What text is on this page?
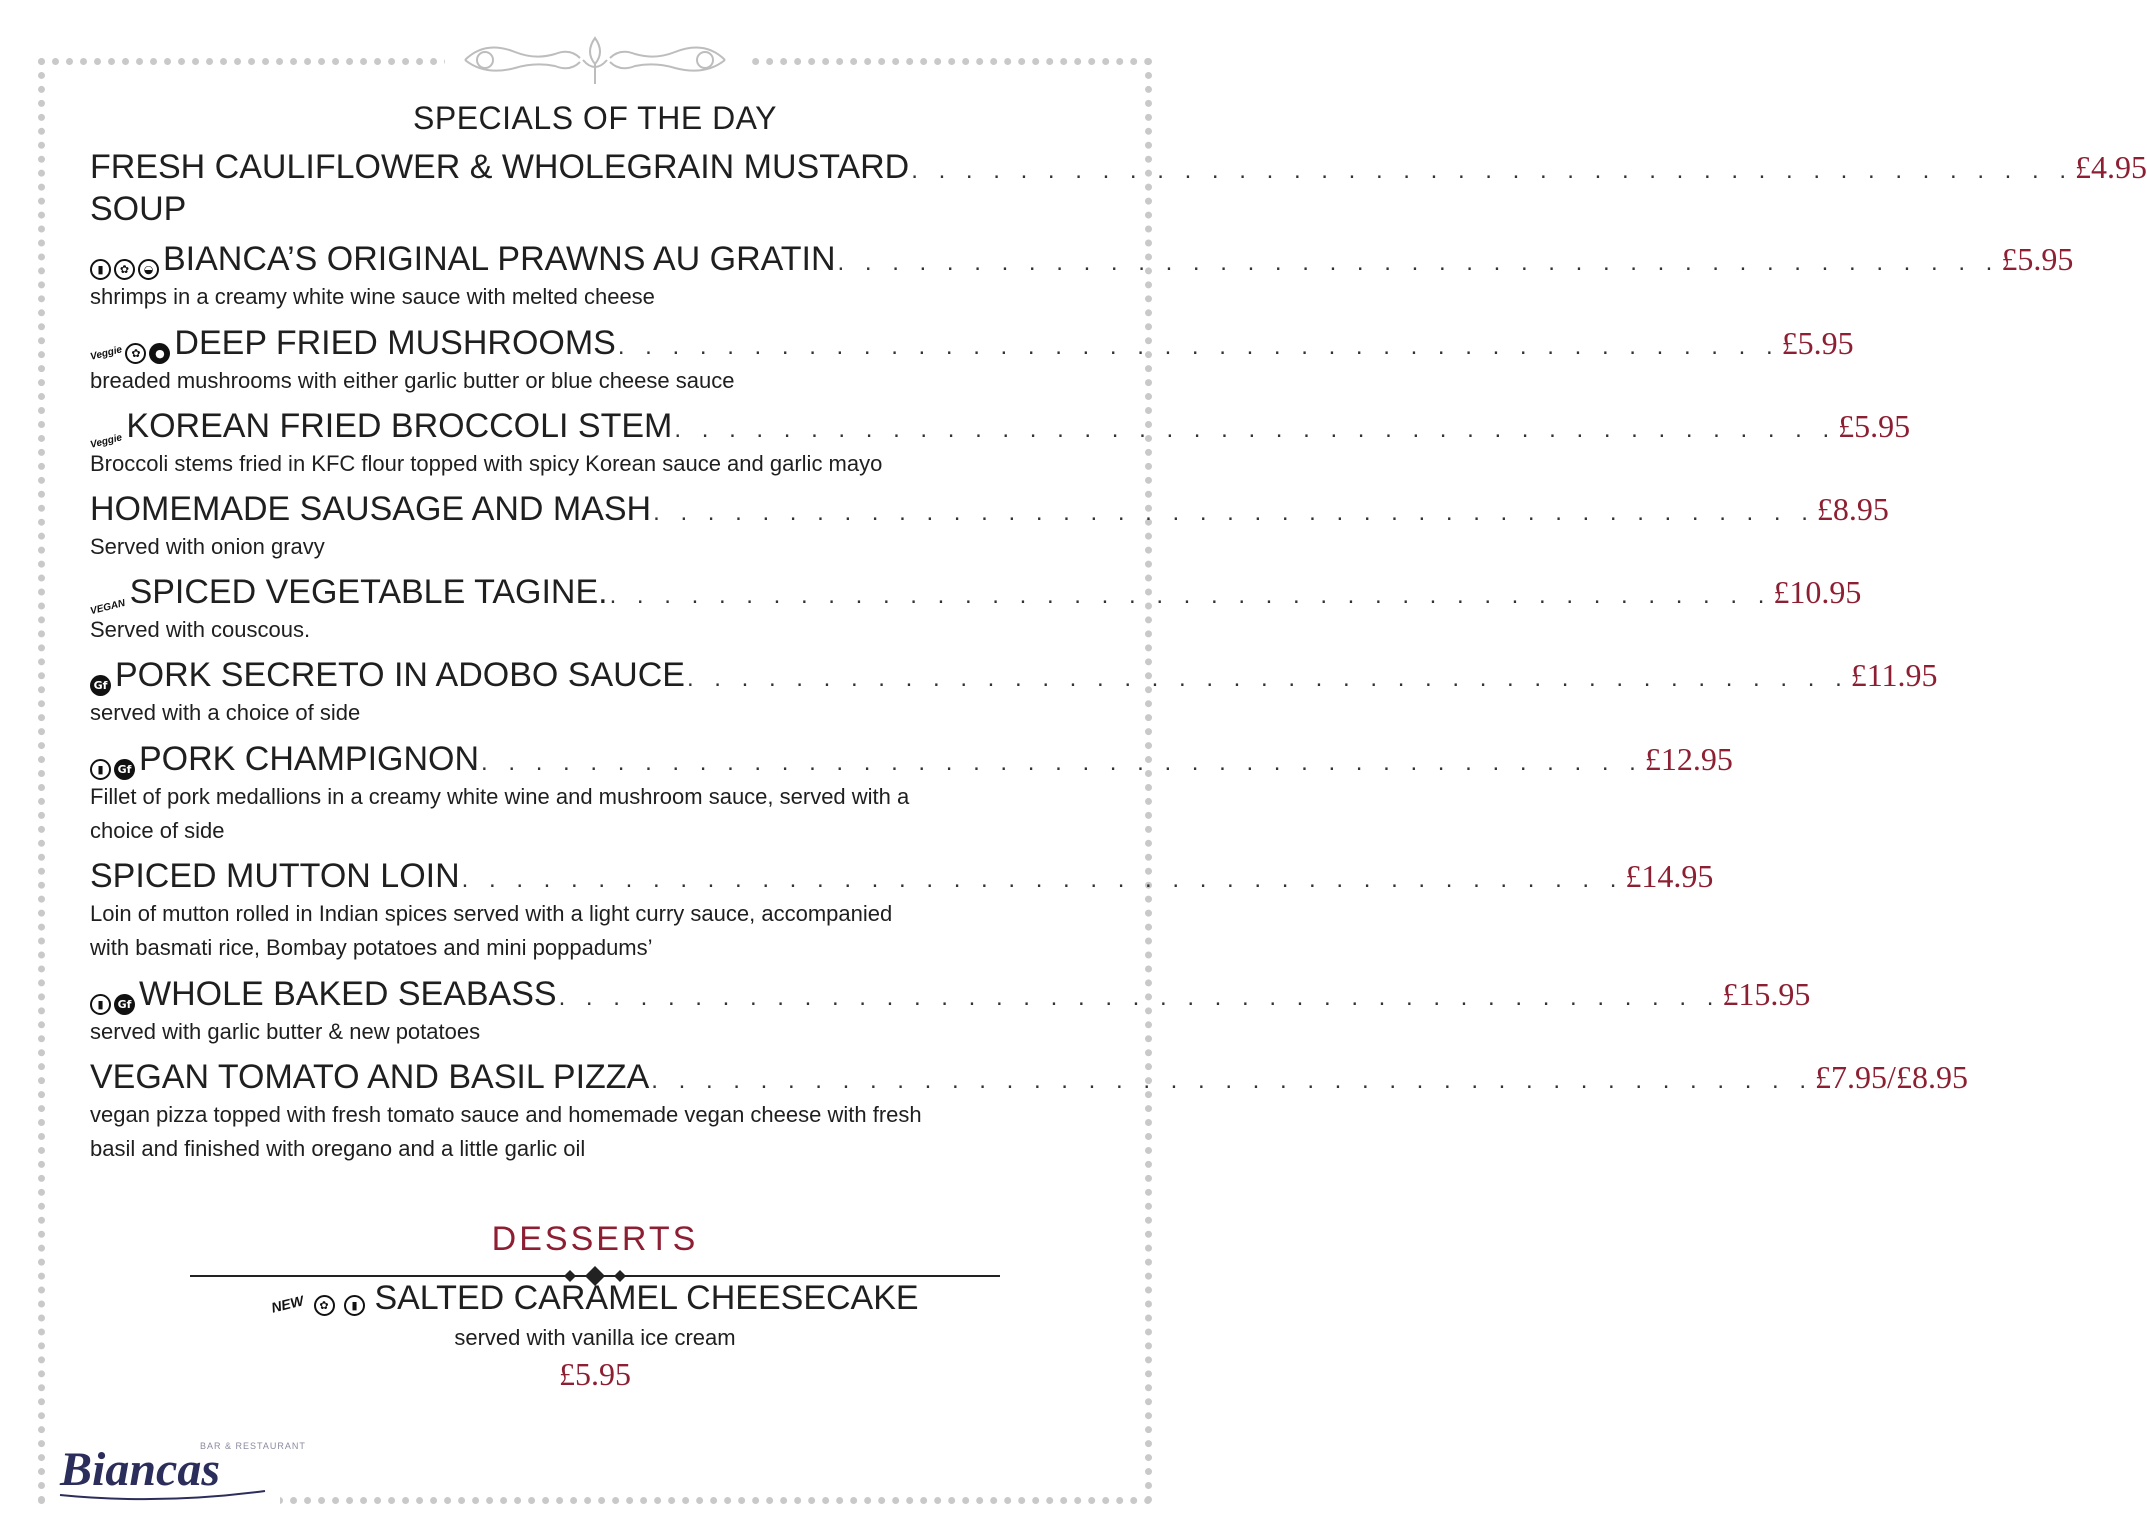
SPECIALS OF THE DAY
FRESH CAULIFLOWER & WHOLEGRAIN MUSTARD . . . . . . . . . . . . . . . . . . . . . . . . . . . . . . . . . . . . . . . . . . . £4.95
SOUP
▮	✿	◒ BIANCA’S ORIGINAL PRAWNS AU GRATIN . . . . . . . . . . . . . . . . . . . . . . . . . . . . . . . . . . . . . . . . . . . £5.95
shrimps in a creamy white wine sauce with melted cheese
Veggie ✿	● DEEP FRIED MUSHROOMS . . . . . . . . . . . . . . . . . . . . . . . . . . . . . . . . . . . . . . . . . . . £5.95
breaded mushrooms with either garlic butter or blue cheese sauce
Veggie KOREAN FRIED BROCCOLI STEM . . . . . . . . . . . . . . . . . . . . . . . . . . . . . . . . . . . . . . . . . . . £5.95
Broccoli stems fried in KFC flour topped with spicy Korean sauce and garlic mayo
HOMEMADE SAUSAGE AND MASH . . . . . . . . . . . . . . . . . . . . . . . . . . . . . . . . . . . . . . . . . . . £8.95
Served with onion gravy
VEGAN SPICED VEGETABLE TAGINE. . . . . . . . . . . . . . . . . . . . . . . . . . . . . . . . . . . . . . . . . . . . £10.95
Served with couscous.
Gf PORK SECRETO IN ADOBO SAUCE . . . . . . . . . . . . . . . . . . . . . . . . . . . . . . . . . . . . . . . . . . . £11.95
served with a choice of side
▮	Gf PORK CHAMPIGNON . . . . . . . . . . . . . . . . . . . . . . . . . . . . . . . . . . . . . . . . . . . £12.95
Fillet of pork medallions in a creamy white wine and mushroom sauce, served with a
choice of side
SPICED MUTTON LOIN . . . . . . . . . . . . . . . . . . . . . . . . . . . . . . . . . . . . . . . . . . . £14.95
Loin of mutton rolled in Indian spices served with a light curry sauce, accompanied
with basmati rice, Bombay potatoes and mini poppadums’
▮	Gf WHOLE BAKED SEABASS . . . . . . . . . . . . . . . . . . . . . . . . . . . . . . . . . . . . . . . . . . . £15.95
served with garlic butter & new potatoes
VEGAN TOMATO AND BASIL PIZZA . . . . . . . . . . . . . . . . . . . . . . . . . . . . . . . . . . . . . . . . . . . £7.95/£8.95
vegan pizza topped with fresh tomato sauce and homemade vegan cheese with fresh
basil and finished with oregano and a little garlic oil
DESSERTS
NEW ✿ ▮ SALTED CARAMEL CHEESECAKE
served with vanilla ice cream
£5.95
BAR & RESTAURANT
Biancas
